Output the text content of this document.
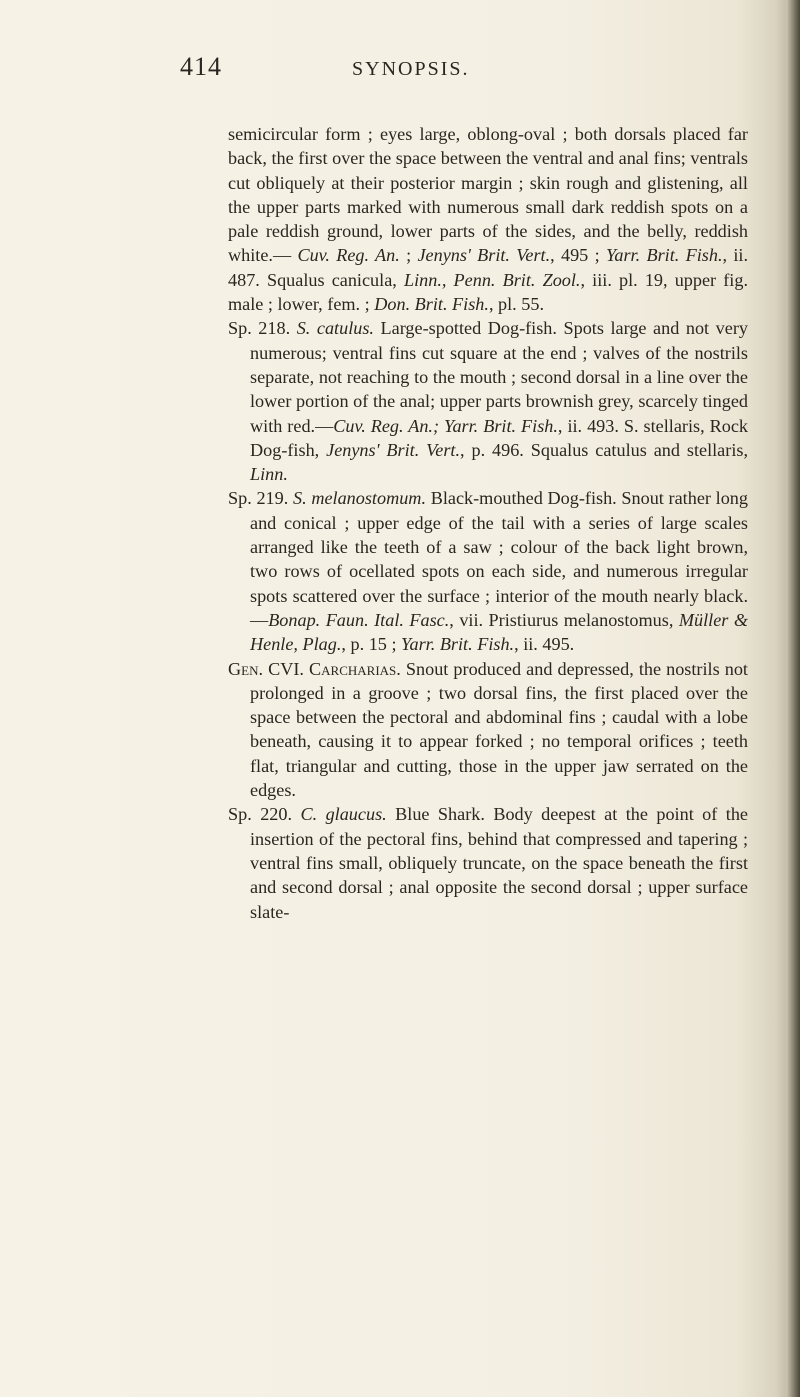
414	SYNOPSIS.

semicircular form ; eyes large, oblong-oval ; both dorsals placed far back, the first over the space between the ventral and anal fins; ventrals cut obliquely at their posterior margin ; skin rough and glistening, all the upper parts marked with numerous small dark reddish spots on a pale reddish ground, lower parts of the sides, and the belly, reddish white.— Cuv. Reg. An. ; Jenyns' Brit. Vert., 495 ; Yarr. Brit. Fish., ii. 487. Squalus canicula, Linn., Penn. Brit. Zool., iii. pl. 19, upper fig. male ; lower, fem. ; Don. Brit. Fish., pl. 55.

Sp. 218. S. catulus. Large-spotted Dog-fish. Spots large and not very numerous; ventral fins cut square at the end ; valves of the nostrils separate, not reaching to the mouth ; second dorsal in a line over the lower portion of the anal; upper parts brownish grey, scarcely tinged with red.—Cuv. Reg. An.; Yarr. Brit. Fish., ii. 493. S. stellaris, Rock Dog-fish, Jenyns' Brit. Vert., p. 496. Squalus catulus and stellaris, Linn.

Sp. 219. S. melanostomum. Black-mouthed Dog-fish. Snout rather long and conical ; upper edge of the tail with a series of large scales arranged like the teeth of a saw ; colour of the back light brown, two rows of ocellated spots on each side, and numerous irregular spots scattered over the surface ; interior of the mouth nearly black.—Bonap. Faun. Ital. Fasc., vii. Pristiurus melanostomus, Müller & Henle, Plag., p. 15 ; Yarr. Brit. Fish., ii. 495.

Gen. CVI. Carcharias. Snout produced and depressed, the nostrils not prolonged in a groove ; two dorsal fins, the first placed over the space between the pectoral and abdominal fins ; caudal with a lobe beneath, causing it to appear forked ; no temporal orifices ; teeth flat, triangular and cutting, those in the upper jaw serrated on the edges.

Sp. 220. C. glaucus. Blue Shark. Body deepest at the point of the insertion of the pectoral fins, behind that compressed and tapering ; ventral fins small, obliquely truncate, on the space beneath the first and second dorsal ; anal opposite the second dorsal ; upper surface slate-
